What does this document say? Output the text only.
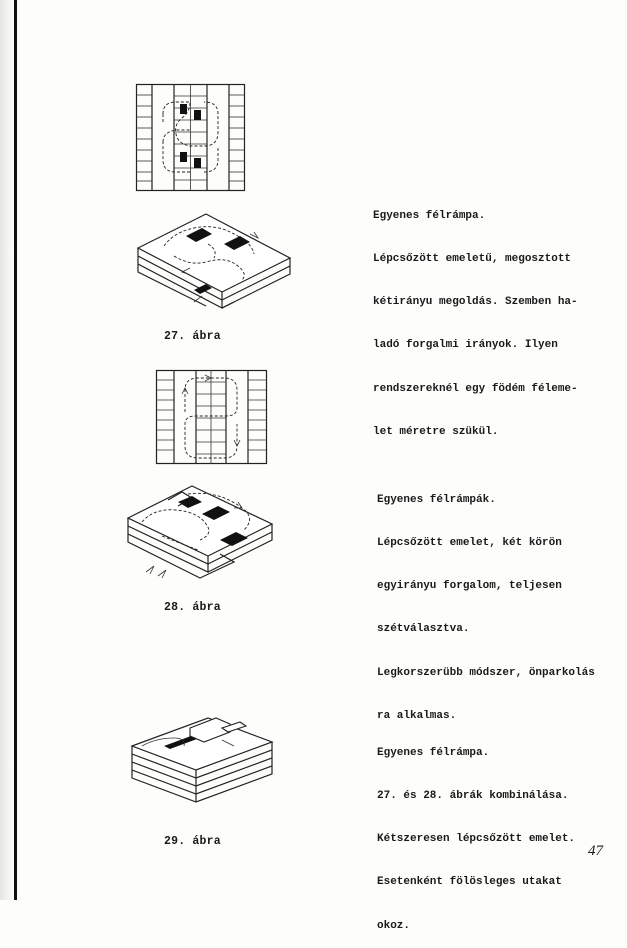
27. ábra

Egyenes félrámpa.

Lépcsőzött emeletű, megosztott

kétirányu megoldás. Szemben ha-

ladó forgalmi irányok. Ilyen

rendszereknél egy födém féleme-

let méretre szükül.

28. ábra

Egyenes félrámpák.

Lépcsőzött emelet, két körön

egyirányu forgalom, teljesen

szétválasztva.

Legkorszerübb módszer, önparkolás

ra alkalmas.

29. ábra

Egyenes félrámpa.

27. és 28. ábrák kombinálása.

Kétszeresen lépcsőzött emelet.

Esetenként fölösleges utakat

okoz.

47
